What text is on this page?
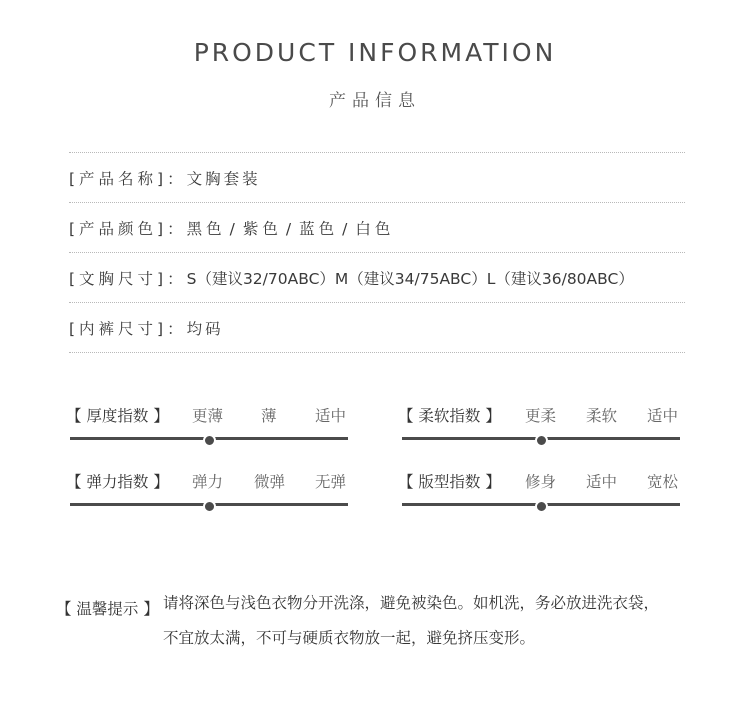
PRODUCT INFORMATION
产品信息
[产品名称]： 文胸套装
[产品颜色]： 黑色 / 紫色 / 蓝色 / 白色
[文胸尺寸]： S（建议32/70ABC）M（建议34/75ABC）L（建议36/80ABC）
[内裤尺寸]： 均码
【 厚度指数 】 更薄 薄 适中	【 柔软指数 】 更柔 柔软 适中
【 弹力指数 】 弹力 微弹 无弹	【 版型指数 】 修身 适中 宽松
【 温馨提示 】 请将深色与浅色衣物分开洗涤，避免被染色。如机洗，务必放进洗衣袋，
不宜放太满，不可与硬质衣物放一起，避免挤压变形。
